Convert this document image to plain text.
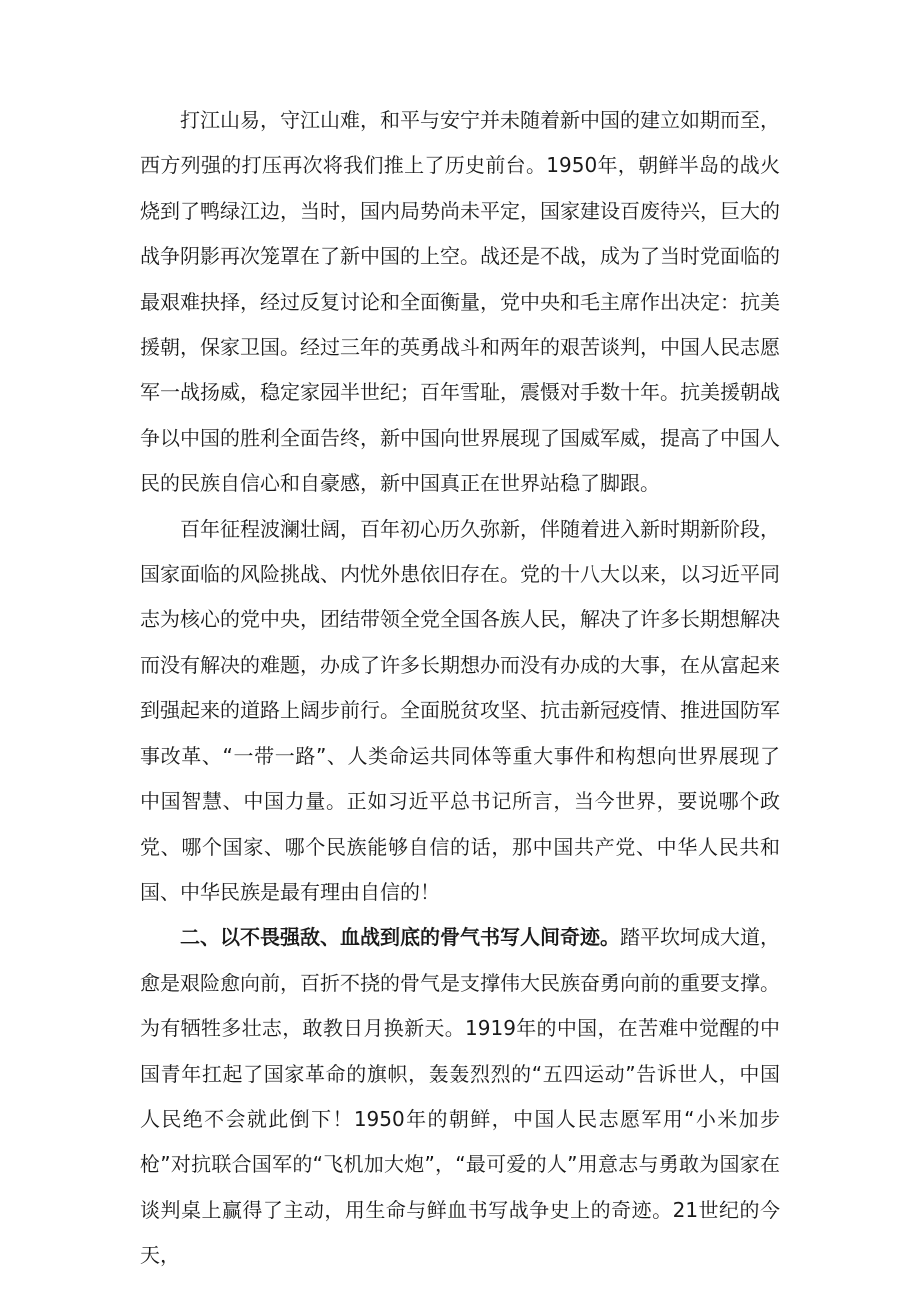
打江山易，守江山难，和平与安宁并未随着新中国的建立如期而至，西方列强的打压再次将我们推上了历史前台。1950年，朝鲜半岛的战火烧到了鸭绿江边，当时，国内局势尚未平定，国家建设百废待兴，巨大的战争阴影再次笼罩在了新中国的上空。战还是不战，成为了当时党面临的最艰难抉择，经过反复讨论和全面衡量，党中央和毛主席作出决定：抗美援朝，保家卫国。经过三年的英勇战斗和两年的艰苦谈判，中国人民志愿军一战扬威，稳定家园半世纪；百年雪耻，震慑对手数十年。抗美援朝战争以中国的胜利全面告终，新中国向世界展现了国威军威，提高了中国人民的民族自信心和自豪感，新中国真正在世界站稳了脚跟。

百年征程波澜壮阔，百年初心历久弥新，伴随着进入新时期新阶段，国家面临的风险挑战、内忧外患依旧存在。党的十八大以来，以习近平同志为核心的党中央，团结带领全党全国各族人民，解决了许多长期想解决而没有解决的难题，办成了许多长期想办而没有办成的大事，在从富起来到强起来的道路上阔步前行。全面脱贫攻坚、抗击新冠疫情、推进国防军事改革、“一带一路”、人类命运共同体等重大事件和构想向世界展现了中国智慧、中国力量。正如习近平总书记所言，当今世界，要说哪个政党、哪个国家、哪个民族能够自信的话，那中国共产党、中华人民共和国、中华民族是最有理由自信的！

二、以不畏强敌、血战到底的骨气书写人间奇迹。踏平坎坷成大道，愈是艰险愈向前，百折不挠的骨气是支撑伟大民族奋勇向前的重要支撑。为有牺牲多壮志，敢教日月换新天。1919年的中国，在苦难中觉醒的中国青年扛起了国家革命的旗帜，轰轰烈烈的“五四运动”告诉世人，中国人民绝不会就此倒下！1950年的朝鲜，中国人民志愿军用“小米加步枪”对抗联合国军的“飞机加大炮”，“最可爱的人”用意志与勇敢为国家在谈判桌上赢得了主动，用生命与鲜血书写战争史上的奇迹。21世纪的今天，
